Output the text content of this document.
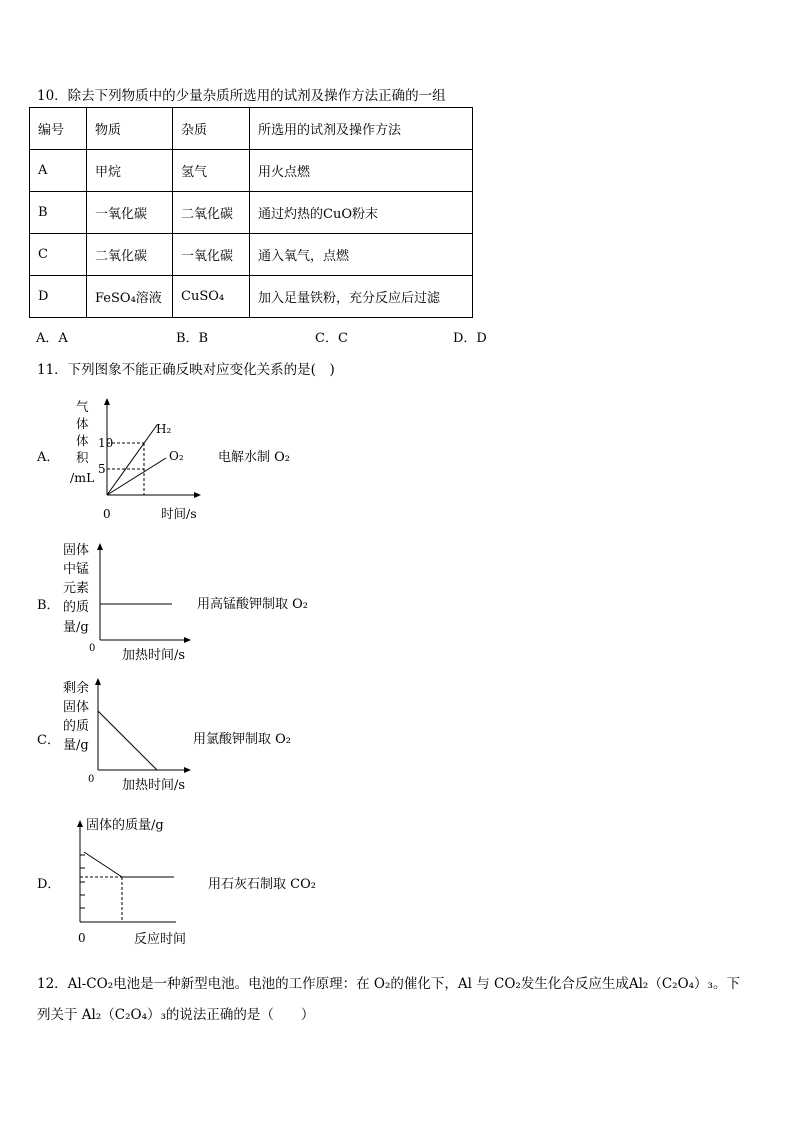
10．除去下列物质中的少量杂质所选用的试剂及操作方法正确的一组
编号	物质	杂质	所选用的试剂及操作方法
A	甲烷	氢气	用火点燃
B	一氧化碳	二氧化碳	通过灼热的CuO粉末
C	二氧化碳	一氧化碳	通入氧气，点燃
D	FeSO₄溶液	CuSO₄	加入足量铁粉，充分反应后过滤
A．A	B．B	C．C	D．D
11．下列图象不能正确反映对应变化关系的是(　)
A．
气
体
体
积
/mL
10
5
H₂
O₂
0	时间/s
电解水制 O₂
B．
固体
中锰
元素
的质
量/g
0 加热时间/s
用高锰酸钾制取 O₂
C．
剩余
固体
的质
量/g
0 加热时间/s
用氯酸钾制取 O₂
D．
固体的质量/g
0	反应时间
用石灰石制取 CO₂
12．Al-CO₂电池是一种新型电池。电池的工作原理：在 O₂的催化下，Al 与 CO₂发生化合反应生成Al₂（C₂O₄）₃。下
列关于 Al₂（C₂O₄）₃的说法正确的是（　　）
